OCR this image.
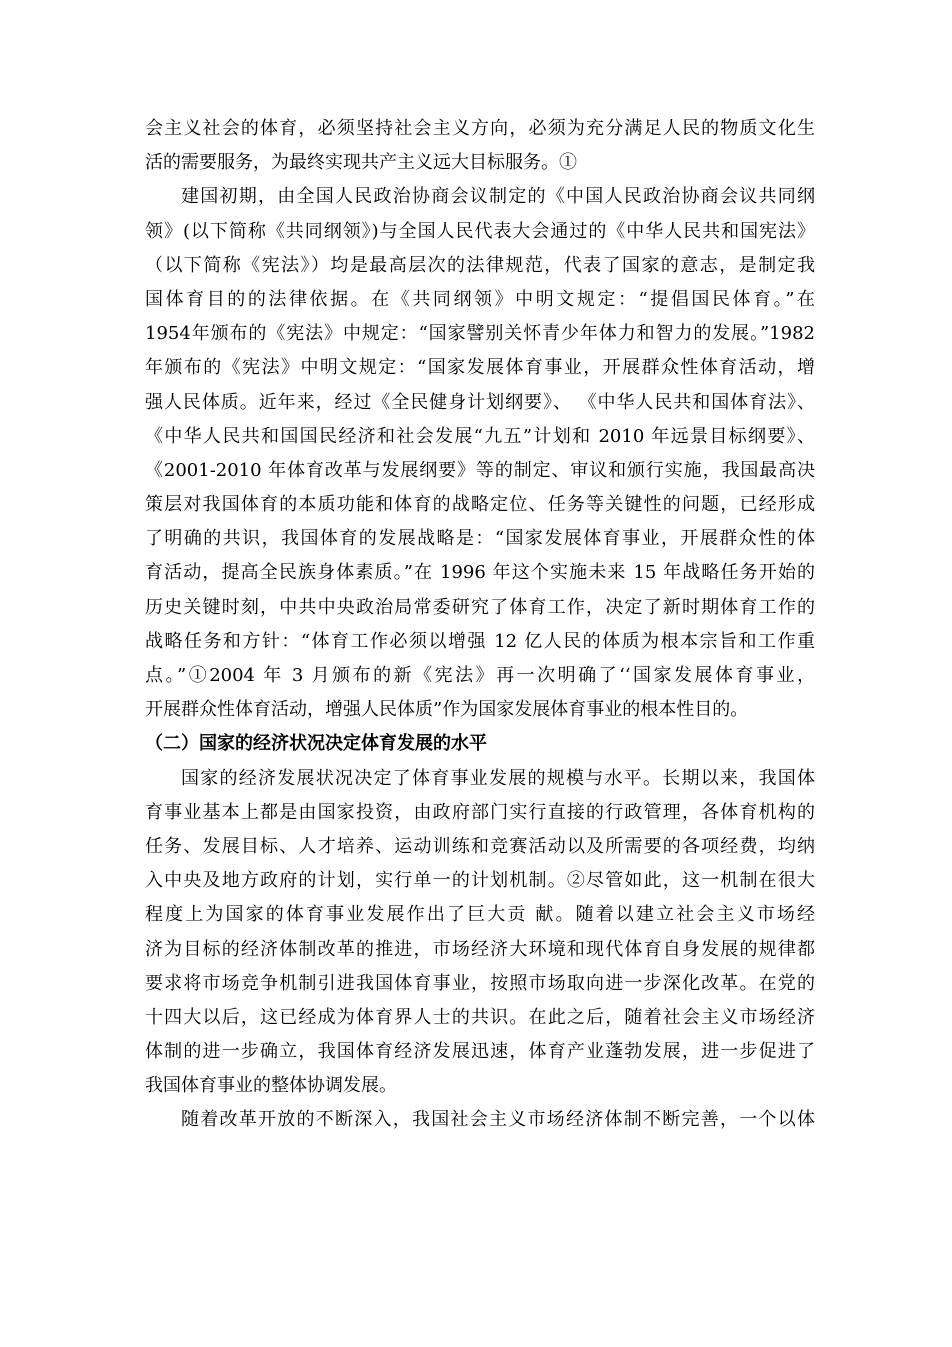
会主义社会的体育，必须坚持社会主义方向，必须为充分满足人民的物质文化生
活的需要服务，为最终实现共产主义远大目标服务。①
建国初期，由全国人民政治协商会议制定的《中国人民政治协商会议共同纲
领》(以下简称《共同纲领》)与全国人民代表大会通过的《中华人民共和国宪法》
（以下简称《宪法》）均是最高层次的法律规范，代表了国家的意志，是制定我
国体育目的的法律依据。在《共同纲领》中明文规定：“提倡国民体育。”在
1954年颁布的《宪法》中规定：“国家譬别关怀青少年体力和智力的发展。”1982
年颁布的《宪法》中明文规定：“国家发展体育事业，开展群众性体育活动，增
强人民体质。近年来，经过《全民健身计划纲要》、 《中华人民共和国体育法》、
《中华人民共和国国民经济和社会发展“九五”计划和 2010 年远景目标纲要》、
《2001-2010 年体育改革与发展纲要》等的制定、审议和颁行实施，我国最高决
策层对我国体育的本质功能和体育的战略定位、任务等关键性的问题，已经形成
了明确的共识，我国体育的发展战略是：“国家发展体育事业，开展群众性的体
育活动，提高全民族身体素质。”在 1996 年这个实施未来 15 年战略任务开始的
历史关键时刻，中共中央政治局常委研究了体育工作，决定了新时期体育工作的
战略任务和方针：“体育工作必须以增强 12 亿人民的体质为根本宗旨和工作重
点。”①2004 年 3 月颁布的新《宪法》再一次明确了‘‘国家发展体育事业，
开展群众性体育活动，增强人民体质”作为国家发展体育事业的根本性目的。
（二）国家的经济状况决定体育发展的水平
国家的经济发展状况决定了体育事业发展的规模与水平。长期以来，我国体
育事业基本上都是由国家投资，由政府部门实行直接的行政管理，各体育机构的
任务、发展目标、人才培养、运动训练和竞赛活动以及所需要的各项经费，均纳
入中央及地方政府的计划，实行单一的计划机制。②尽管如此，这一机制在很大
程度上为国家的体育事业发展作出了巨大贡 献。随着以建立社会主义市场经
济为目标的经济体制改革的推进，市场经济大环境和现代体育自身发展的规律都
要求将市场竞争机制引进我国体育事业，按照市场取向进一步深化改革。在党的
十四大以后，这已经成为体育界人士的共识。在此之后，随着社会主义市场经济
体制的进一步确立，我国体育经济发展迅速，体育产业蓬勃发展，进一步促进了
我国体育事业的整体协调发展。
随着改革开放的不断深入，我国社会主义市场经济体制不断完善，一个以体
